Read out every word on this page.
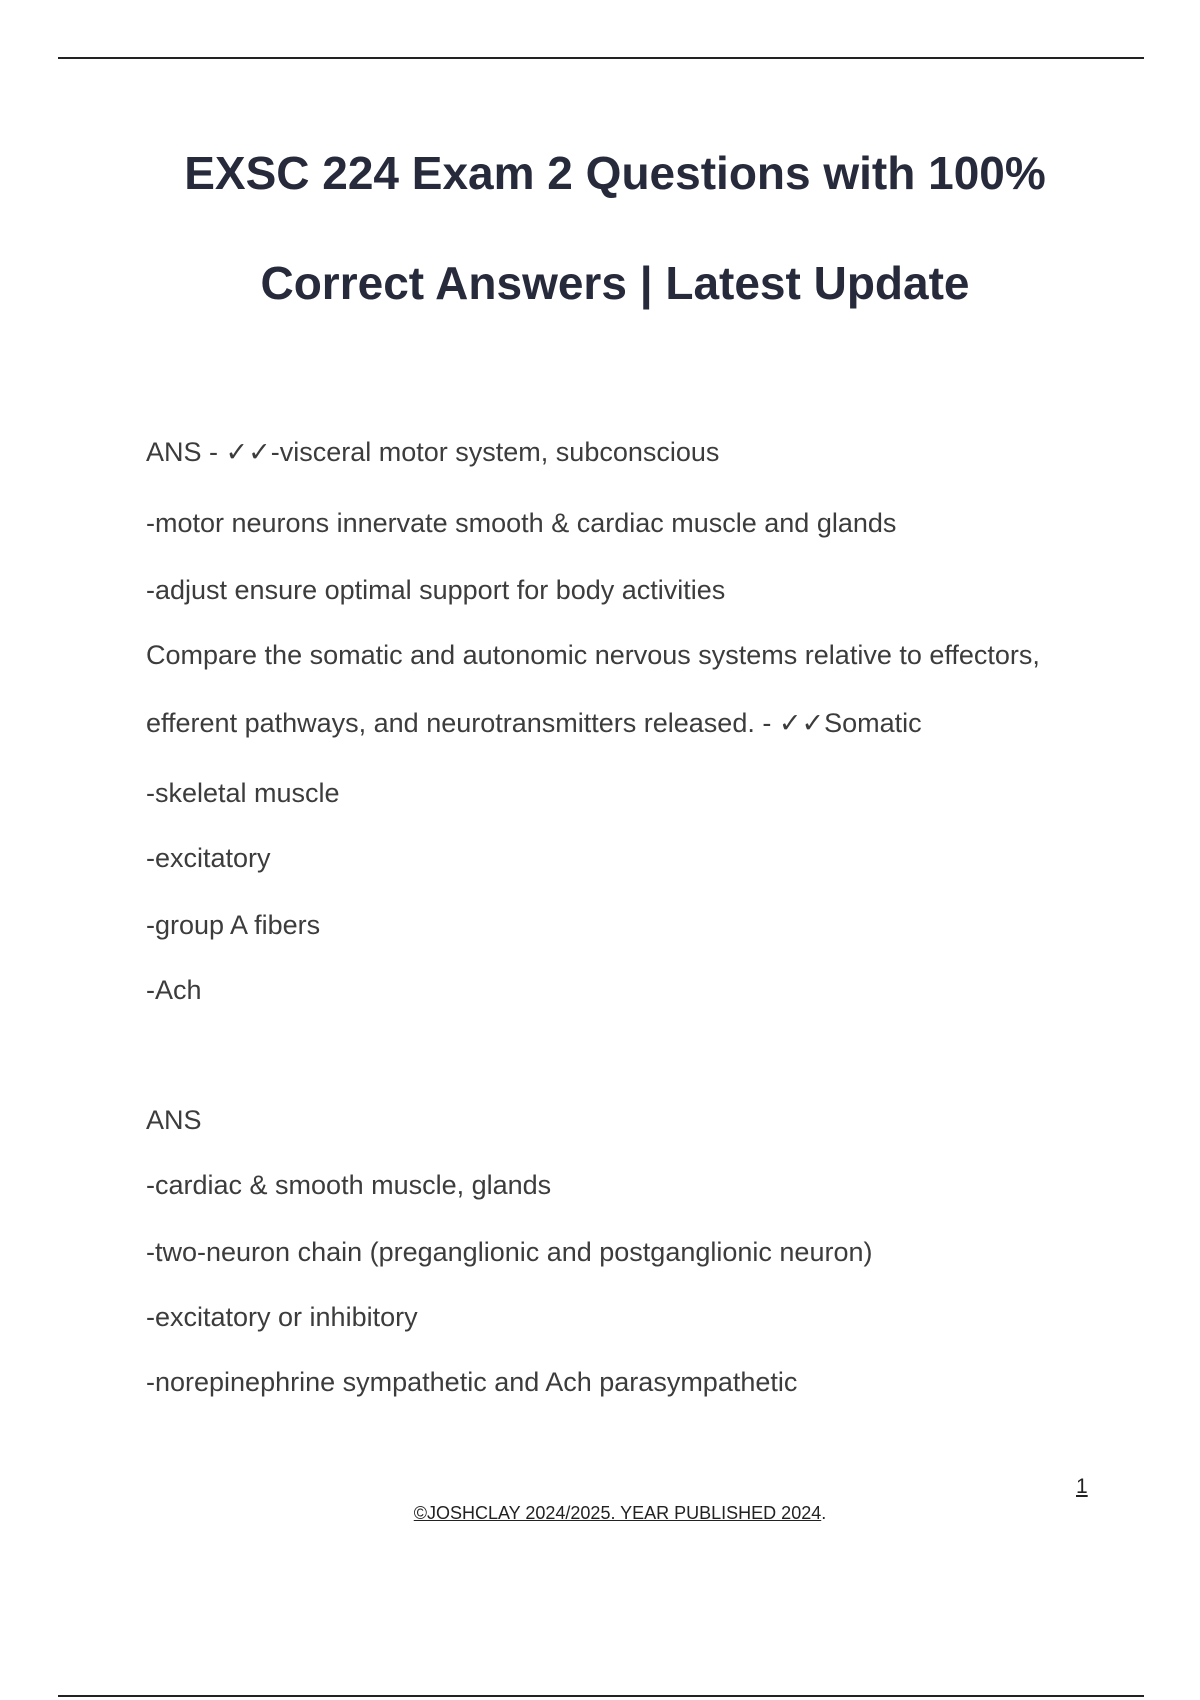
EXSC 224 Exam 2 Questions with 100%
Correct Answers | Latest Update
ANS - ✓✓-visceral motor system, subconscious
-motor neurons innervate smooth & cardiac muscle and glands
-adjust ensure optimal support for body activities
Compare the somatic and autonomic nervous systems relative to effectors,
efferent pathways, and neurotransmitters released. - ✓✓Somatic
-skeletal muscle
-excitatory
-group A fibers
-Ach
ANS
-cardiac & smooth muscle, glands
-two-neuron chain (preganglionic and postganglionic neuron)
-excitatory or inhibitory
-norepinephrine sympathetic and Ach parasympathetic
1
©JOSHCLAY 2024/2025. YEAR PUBLISHED 2024.
